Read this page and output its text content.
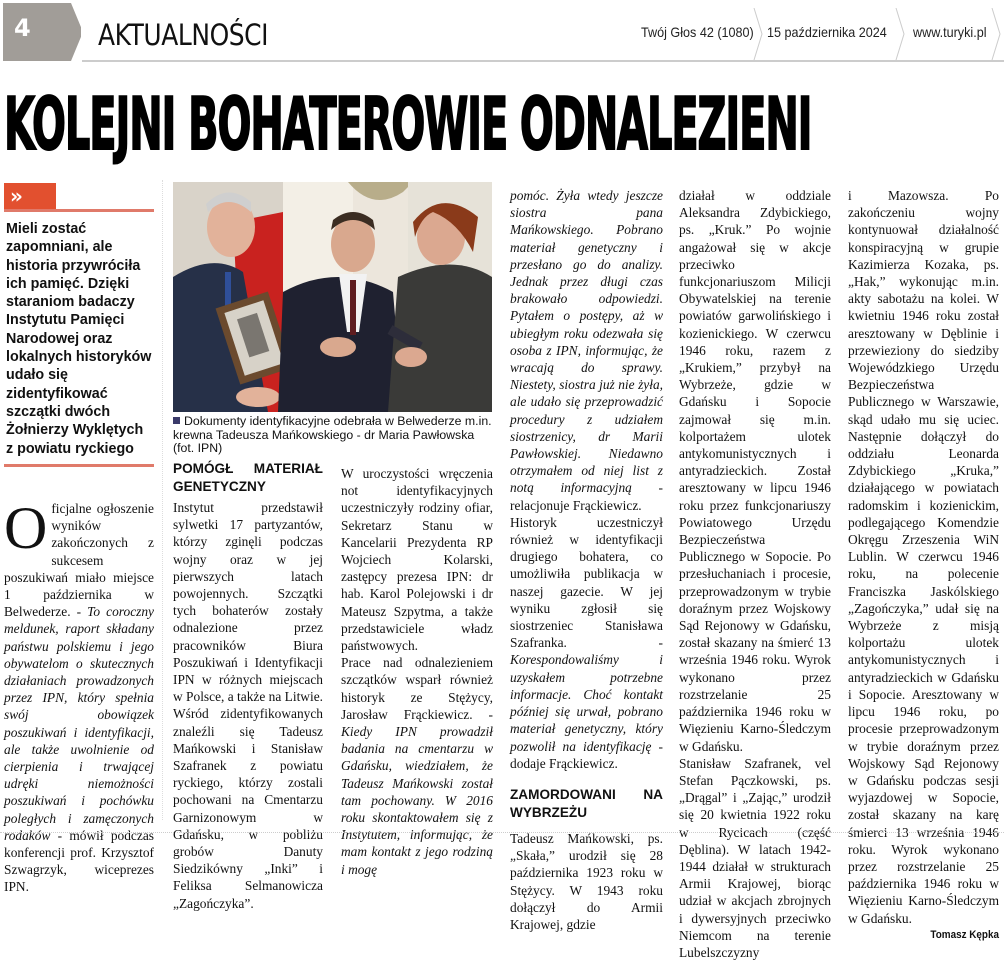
4 AKTUALNOŚCI	Twój Głos 42 (1080) 15 października 2024 www.turyki.pl
KOLEJNI BOHATEROWIE ODNALEZIENI
»
Mieli zostać zapomniani, ale historia przywróciła ich pamięć. Dzięki staraniom badaczy Instytutu Pamięci Narodowej oraz lokalnych historyków udało się zidentyfikować szczątki dwóch Żołnierzy Wyklętych z powiatu ryckiego

O ficjalne ogłoszenie wyników zakończonych z sukcesem poszukiwań miało miejsce 1 października w Belwederze. - To coroczny meldunek, raport składany państwu polskiemu i jego obywatelom o skutecznych działaniach prowadzonych przez IPN, który spełnia swój obowiązek poszukiwań i identyfikacji, ale także uwolnienie od cierpienia i trwającej udręki niemożności poszukiwań i pochówku poległych i zamęczonych rodaków - mówił podczas konferencji prof. Krzysztof Szwagrzyk, wiceprezes IPN.

Dokumenty identyfikacyjne odebrała w Belwederze m.in. krewna Tadeusza Mańkowskiego - dr Maria Pawłowska (fot. IPN)
POMÓGŁ MATERIAŁ GENETYCZNY

Instytut przedstawił sylwetki 17 partyzantów, którzy zginęli podczas wojny oraz w jej pierwszych latach powojennych. Szczątki tych bohaterów zostały odnalezione przez pracowników Biura Poszukiwań i Identyfikacji IPN w różnych miejscach w Polsce, a także na Litwie. Wśród zidentyfikowanych znaleźli się Tadeusz Mańkowski i Stanisław Szafranek z powiatu ryckiego, którzy zostali pochowani na Cmentarzu Garnizonowym w Gdańsku, w pobliżu grobów Danuty Siedzikówny „Inki” i Feliksa Selmanowicza „Zagończyka”.

W uroczystości wręczenia not identyfikacyjnych uczestniczyły rodziny ofiar, Sekretarz Stanu w Kancelarii Prezydenta RP Wojciech Kolarski, zastępcy prezesa IPN: dr hab. Karol Polejowski i dr Mateusz Szpytma, a także przedstawiciele władz państwowych.

Prace nad odnalezieniem szczątków wsparł również historyk ze Stężycy, Jarosław Frąckiewicz. - Kiedy IPN prowadził badania na cmentarzu w Gdańsku, wiedziałem, że Tadeusz Mańkowski został tam pochowany. W 2016 roku skontaktowałem się z Instytutem, informując, że mam kontakt z jego rodziną i mogę

pomóc. Żyła wtedy jeszcze siostra pana Mańkowskiego. Pobrano materiał genetyczny i przesłano go do analizy. Jednak przez długi czas brakowało odpowiedzi. Pytałem o postępy, aż w ubiegłym roku odezwała się osoba z IPN, informując, że wracają do sprawy. Niestety, siostra już nie żyła, ale udało się przeprowadzić procedury z udziałem siostrzenicy, dr Marii Pawłowskiej. Niedawno otrzymałem od niej list z notą informacyjną - relacjonuje Frąckiewicz.

Historyk uczestniczył również w identyfikacji drugiego bohatera, co umożliwiła publikacja w naszej gazecie. W jej wyniku zgłosił się siostrzeniec Stanisława Szafranka.	- Korespondowaliśmy i uzyskałem potrzebne informacje. Choć kontakt później się urwał, pobrano materiał genetyczny, który pozwolił na identyfikację - dodaje Frąckiewicz.

ZAMORDOWANI NA WYBRZEŻU

Tadeusz Mańkowski, ps. „Skała,” urodził się 28 października 1923 roku w Stężycy. W 1943 roku dołączył do Armii Krajowej, gdzie

działał w oddziale Aleksandra Zdybickiego, ps. „Kruk.” Po wojnie angażował się w akcje przeciwko funkcjonariuszom Milicji Obywatelskiej na terenie powiatów garwolińskiego i kozienickiego. W czerwcu 1946 roku, razem z „Krukiem,” przybył na Wybrzeże, gdzie w Gdańsku i Sopocie zajmował się m.in. kolportażem ulotek antykomunistycznych i antyradzieckich. Został aresztowany w lipcu 1946 roku przez funkcjonariuszy Powiatowego Urzędu Bezpieczeństwa Publicznego w Sopocie. Po przesłuchaniach i procesie, przeprowadzonym w trybie doraźnym przez Wojskowy Sąd Rejonowy w Gdańsku, został skazany na śmierć 13 września 1946 roku. Wyrok wykonano przez rozstrzelanie 25 października 1946 roku w Więzieniu Karno-Śledczym w Gdańsku.

Stanisław Szafranek, vel Stefan Pączkowski, ps. „Drągal” i „Zając,” urodził się 20 kwietnia 1922 roku w Rycicach (część Dęblina). W latach 1942-1944 działał w strukturach Armii Krajowej, biorąc udział w akcjach zbrojnych i dywersyjnych przeciwko Niemcom na terenie Lubelszczyzny

i Mazowsza. Po zakończeniu wojny kontynuował działalność konspiracyjną w grupie Kazimierza Kozaka, ps. „Hak,” wykonując m.in. akty sabotażu na kolei. W kwietniu 1946 roku został aresztowany w Dęblinie i przewieziony do siedziby Wojewódzkiego Urzędu Bezpieczeństwa Publicznego w Warszawie, skąd udało mu się uciec. Następnie dołączył do oddziału Leonarda Zdybickiego „Kruka,” działającego w powiatach radomskim i kozienickim, podlegającego Komendzie Okręgu Zrzeszenia WiN Lublin. W czerwcu 1946 roku, na polecenie Franciszka Jaskólskiego „Zagończyka,” udał się na Wybrzeże z misją kolportażu ulotek antykomunistycznych i antyradzieckich w Gdańsku i Sopocie. Aresztowany w lipcu 1946 roku, po procesie przeprowadzonym w trybie doraźnym przez Wojskowy Sąd Rejonowy w Gdańsku podczas sesji wyjazdowej w Sopocie, został skazany na karę śmierci 13 września 1946 roku. Wyrok wykonano przez rozstrzelanie 25 października 1946 roku w Więzieniu Karno-Śledczym w Gdańsku.

Tomasz Kępka
